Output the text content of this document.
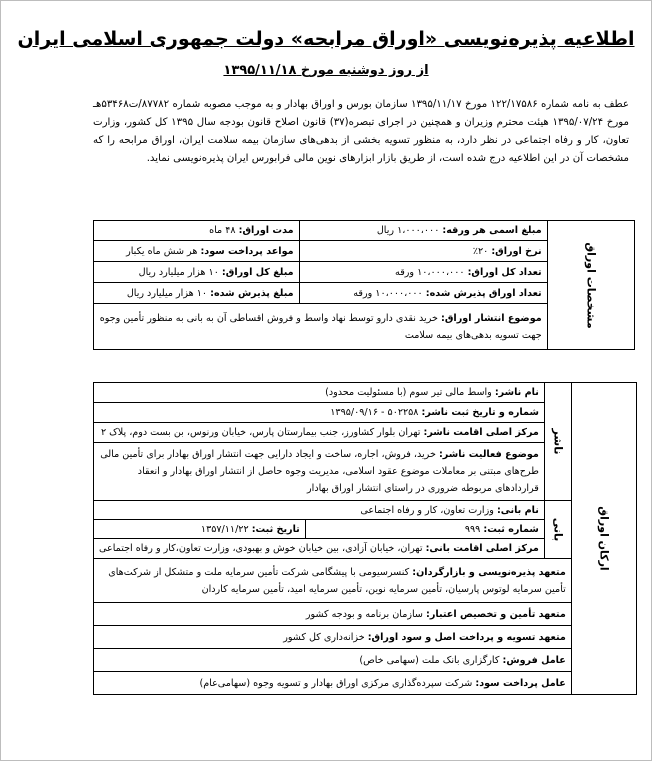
اطلاعیه پذیره‌نویسی «اوراق مرابحه» دولت جمهوری اسلامی ایران
از روز دوشنبه مورخ ۱۳۹۵/۱۱/۱۸

عطف به نامه شماره ۱۲۲/۱۷۵۸۶ مورخ ۱۳۹۵/۱۱/۱۷ سازمان بورس و اوراق بهادار و به موجب مصوبه شماره ۸۷۷۸۲/ت۵۳۴۶۸هـ مورخ ۱۳۹۵/۰۷/۲۴ هیئت محترم وزیران و همچنین در اجرای تبصره(۳۷) قانون اصلاح قانون بودجه سال ۱۳۹۵ کل کشور، وزارت تعاون، کار و رفاه اجتماعی در نظر دارد، به منظور تسویه بخشی از بدهی‌های سازمان بیمه سلامت ایران، اوراق مرابحه را که مشخصات آن در این اطلاعیه درج شده است، از طریق بازار ابزارهای نوین مالی فرابورس ایران پذیره‌نویسی نماید.

مشخصات اوراق	مبلغ اسمی هر ورقه: ۱،۰۰۰،۰۰۰ ریال	مدت اوراق: ۴۸ ماه
	نرخ اوراق: ۲۰٪	مواعد پرداخت سود: هر شش ماه یکبار
	تعداد کل اوراق: ۱۰،۰۰۰،۰۰۰ ورقه	مبلغ کل اوراق: ۱۰ هزار میلیارد ریال
	تعداد اوراق پذیرش شده: ۱۰،۰۰۰،۰۰۰ ورقه	مبلغ پذیرش شده: ۱۰ هزار میلیارد ریال
	موضوع انتشار اوراق: خرید نقدی دارو توسط نهاد واسط و فروش اقساطی آن به بانی به منظور تأمین وجوه جهت تسویه بدهی‌های بیمه سلامت	
ارکان اوراق	ناشر	نام ناشر: واسط مالی تیر سوم (با مسئولیت محدود)	
		شماره و تاریخ ثبت ناشر: ۵۰۲۲۵۸ - ۱۳۹۵/۰۹/۱۶	
		مرکز اصلی اقامت ناشر: تهران بلوار کشاورز، جنب بیمارستان پارس، خیابان ورنوس، بن بست دوم، پلاک ۲	
		موضوع فعالیت ناشر: خرید، فروش، اجاره، ساخت و ایجاد دارایی جهت انتشار اوراق بهادار برای تأمین مالی طرح‌های مبتنی بر معاملات موضوع عقود اسلامی، مدیریت وجوه حاصل از انتشار اوراق بهادار و انعقاد قراردادهای مربوطه ضروری در راستای انتشار اوراق بهادار	
	بانی	نام بانی: وزارت تعاون، کار و رفاه اجتماعی	
		شماره ثبت: ۹۹۹	تاریخ ثبت: ۱۳۵۷/۱۱/۲۲
		مرکز اصلی اقامت بانی: تهران، خیابان آزادی، بین خیابان خوش و بهبودی، وزارت تعاون،کار و رفاه اجتماعی	
	متعهد پذیره‌نویسی و بازارگردان: کنسرسیومی با پیشگامی شرکت تأمین سرمایه ملت و متشکل از شرکت‌های تأمین سرمایه لوتوس پارسیان، تأمین سرمایه نوین، تأمین سرمایه امید، تأمین سرمایه کاردان		
	متعهد تأمین و تخصیص اعتبار: سازمان برنامه و بودجه کشور		
	متعهد تسویه و پرداخت اصل و سود اوراق: خزانه‌داری کل کشور		
	عامل فروش: کارگزاری بانک ملت (سهامی خاص)		
	عامل پرداخت سود: شرکت سپرده‌گذاری مرکزی اوراق بهادار و تسویه وجوه (سهامی‌عام)		
